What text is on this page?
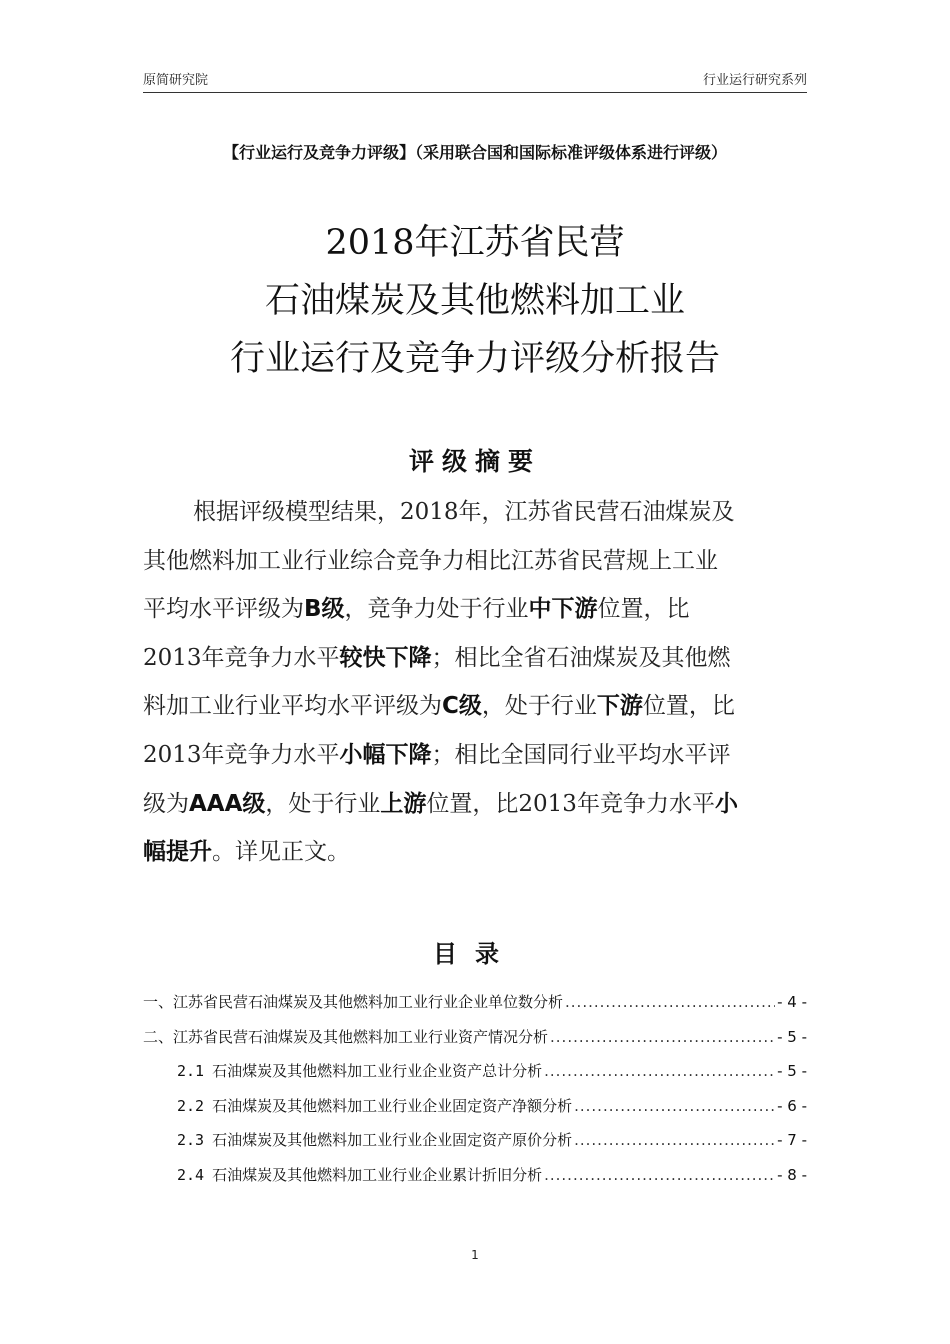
原简研究院	行业运行研究系列
【行业运行及竞争力评级】（采用联合国和国际标准评级体系进行评级）
2018年江苏省民营
石油煤炭及其他燃料加工业
行业运行及竞争力评级分析报告
评级摘要
根据评级模型结果，2018年，江苏省民营石油煤炭及
其他燃料加工业行业综合竞争力相比江苏省民营规上工业
平均水平评级为B级，竞争力处于行业中下游位置，比
2013年竞争力水平较快下降；相比全省石油煤炭及其他燃
料加工业行业平均水平评级为C级，处于行业下游位置，比
2013年竞争力水平小幅下降；相比全国同行业平均水平评
级为AAA级，处于行业上游位置，比2013年竞争力水平小
幅提升。详见正文。
目录
一、江苏省民营石油煤炭及其他燃料加工业行业企业单位数分析 .....	- 4 -
二、江苏省民营石油煤炭及其他燃料加工业行业资产情况分析 .....	- 5 -
2.1 石油煤炭及其他燃料加工业行业企业资产总计分析 .....	- 5 -
2.2 石油煤炭及其他燃料加工业行业企业固定资产净额分析 .....	- 6 -
2.3 石油煤炭及其他燃料加工业行业企业固定资产原价分析 .....	- 7 -
2.4 石油煤炭及其他燃料加工业行业企业累计折旧分析 .....	- 8 -
1
